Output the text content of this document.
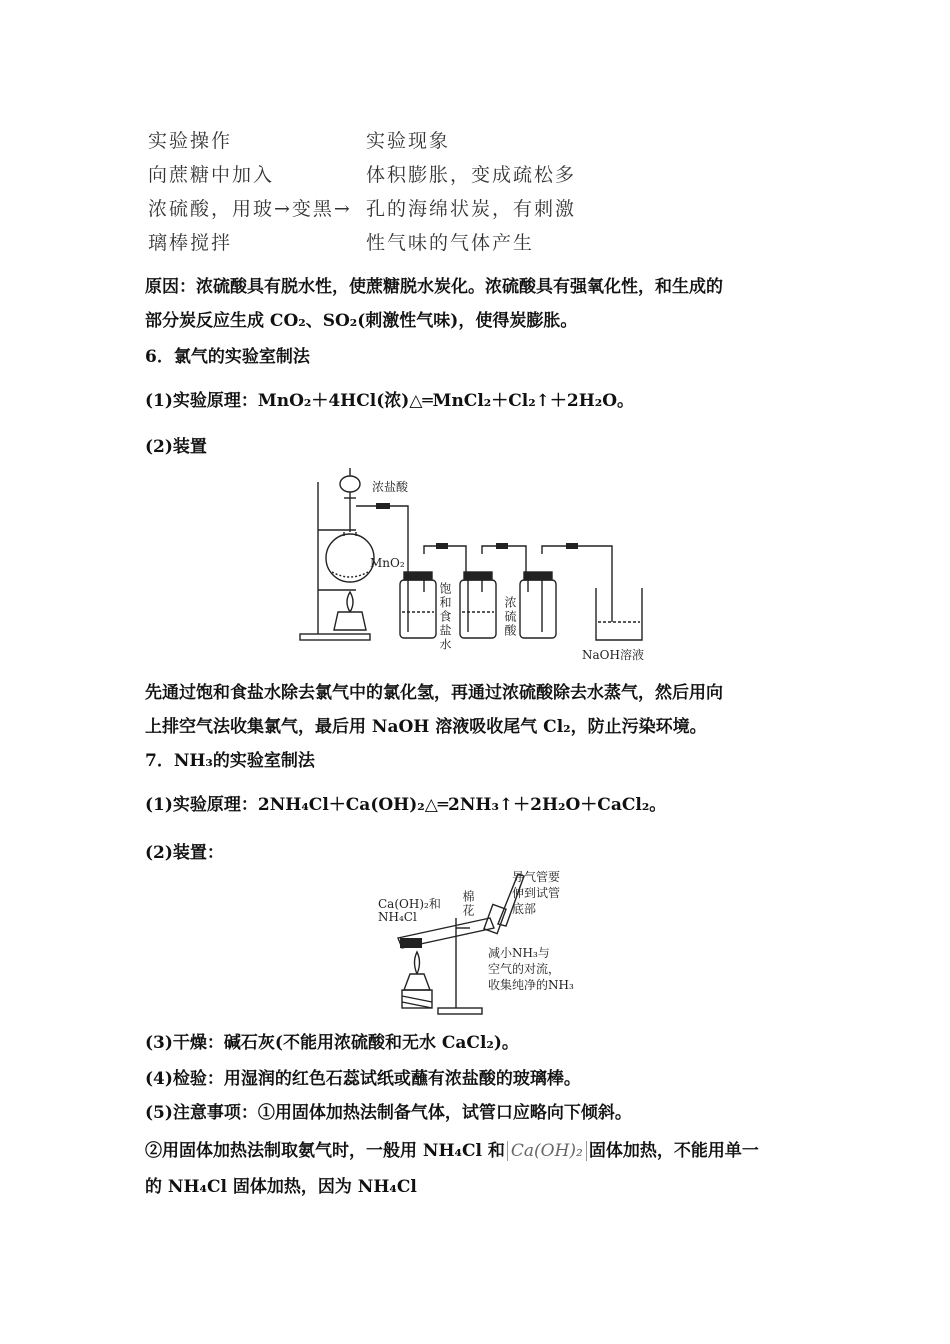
实验操作	实验现象
向蔗糖中加入	体积膨胀，变成疏松多
浓硫酸，用玻→变黑→ 孔的海绵状炭，有刺激
璃棒搅拌	性气味的气体产生
原因：浓硫酸具有脱水性，使蔗糖脱水炭化。浓硫酸具有强氧化性，和生成的
部分炭反应生成 CO₂、SO₂(刺激性气味)，使得炭膨胀。
6．氯气的实验室制法
(1)实验原理：MnO₂＋4HCl(浓)△═MnCl₂＋Cl₂↑＋2H₂O。
(2)装置
浓盐酸
MnO₂
饱和食盐水	浓硫酸
NaOH溶液
先通过饱和食盐水除去氯气中的氯化氢，再通过浓硫酸除去水蒸气，然后用向
上排空气法收集氯气，最后用 NaOH 溶液吸收尾气 Cl₂，防止污染环境。
7．NH₃的实验室制法
(1)实验原理：2NH₄Cl＋Ca(OH)₂△═2NH₃↑＋2H₂O＋CaCl₂。
(2)装置：
Ca(OH)₂和
NH₄Cl	棉花
导气管要
伸到试管
底部
减小NH₃与
空气的对流，
收集纯净的NH₃
(3)干燥：碱石灰(不能用浓硫酸和无水 CaCl₂)。
(4)检验：用湿润的红色石蕊试纸或蘸有浓盐酸的玻璃棒。
(5)注意事项：①用固体加热法制备气体，试管口应略向下倾斜。
②用固体加热法制取氨气时，一般用 NH₄Cl 和 Ca(OH)₂ 固体加热，不能用单一
的 NH₄Cl 固体加热，因为 NH₄Cl
